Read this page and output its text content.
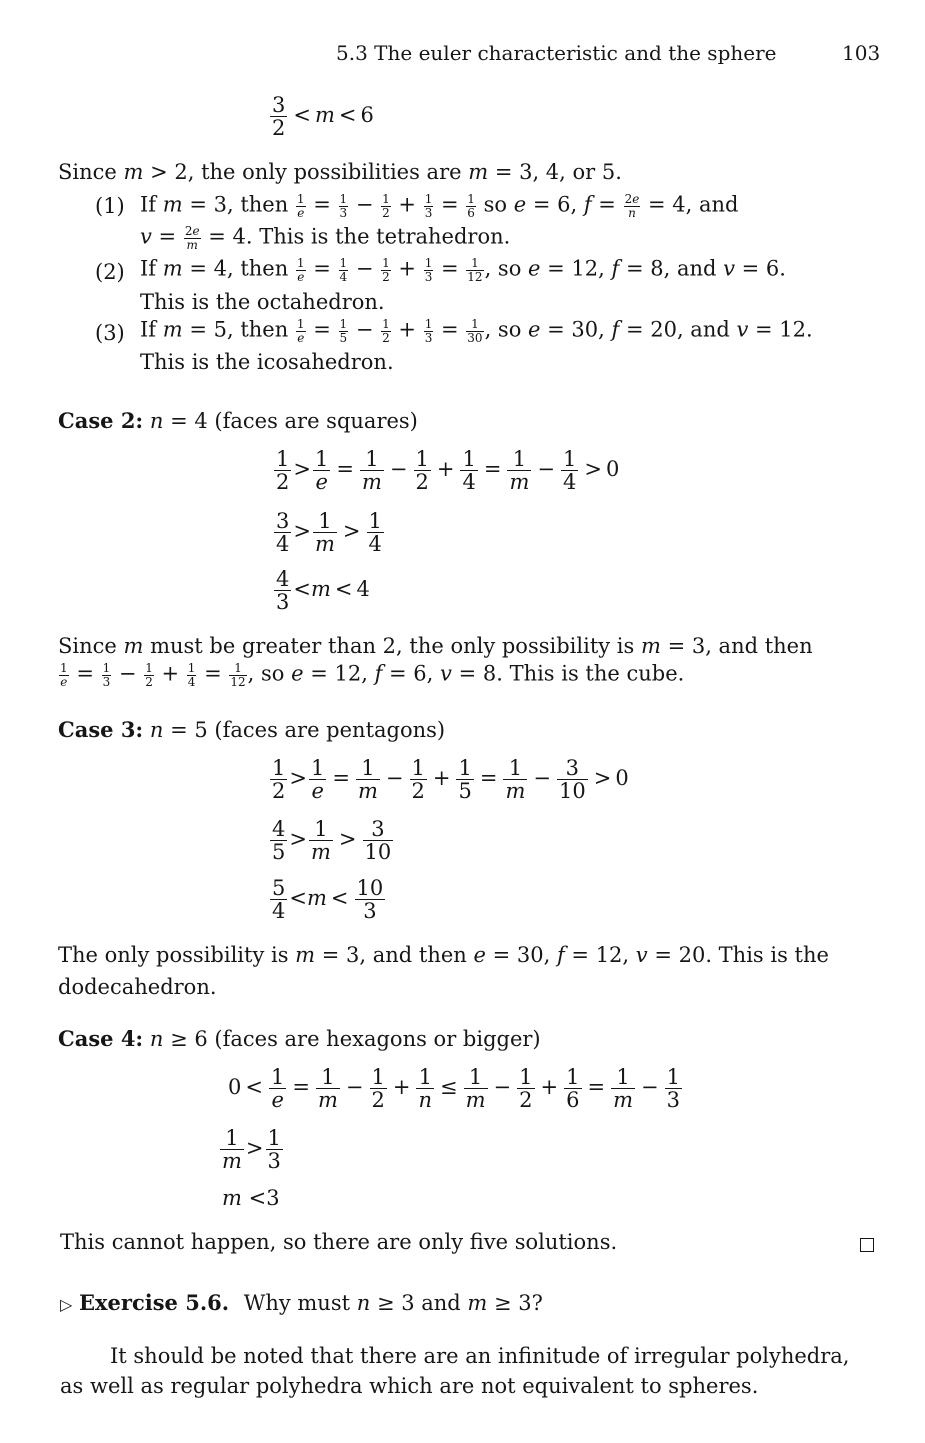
5.3 The euler characteristic and the sphere	103
$\frac{3}{2} < m < 6$
Since m > 2, the only possibilities are m = 3, 4, or 5.
(1) If m = 3, then $\frac{1}{e} = \frac{1}{3} - \frac{1}{2} + \frac{1}{3} = \frac{1}{6}$ so e = 6, $f = \frac{2e}{n} = 4$, and
$v = \frac{2e}{m} = 4$. This is the tetrahedron.
(2) If m = 4, then $\frac{1}{e} = \frac{1}{4} - \frac{1}{2} + \frac{1}{3} = \frac{1}{12}$ , so e = 12, f = 8, and v = 6.
This is the octahedron.
(3) If m = 5, then $\frac{1}{e} = \frac{1}{5} - \frac{1}{2} + \frac{1}{3} = \frac{1}{30}$ , so e = 30, f = 20, and v = 12.
This is the icosahedron.
Case 2: n = 4 (faces are squares)
$\frac{1}{2} > \frac{1}{e} = \frac{1}{m} - \frac{1}{2} + \frac{1}{4} = \frac{1}{m} - \frac{1}{4} > 0$
$\frac{3}{4} > \frac{1}{m} > \frac{1}{4}$
$\frac{4}{3} <m < 4$
Since m must be greater than 2, the only possibility is m = 3, and then
$\frac{1}{e} = \frac{1}{3} - \frac{1}{2} + \frac{1}{4} = \frac{1}{12}$ , so e = 12, f = 6, v = 8. This is the cube.
Case 3: n = 5 (faces are pentagons)
$\frac{1}{2} > \frac{1}{e} = \frac{1}{m} - \frac{1}{2} + \frac{1}{5} = \frac{1}{m} - \frac{3}{10} > 0$
$\frac{4}{5} > \frac{1}{m} > \frac{3}{10}$
$\frac{5}{4} <m < \frac{10}{3}$
The only possibility is m = 3, and then e = 30, f = 12, v = 20. This is the
dodecahedron.
Case 4: n ≥ 6 (faces are hexagons or bigger)
$0 < \frac{1}{e} = \frac{1}{m} - \frac{1}{2} + \frac{1}{n} \le \frac{1}{m} - \frac{1}{2} + \frac{1}{6} = \frac{1}{m} - \frac{1}{3}$
$\frac{1}{m} > \frac{1}{3}$
m <3
This cannot happen, so there are only five solutions.
▷ Exercise 5.6. Why must n ≥ 3 and m ≥ 3?
It should be noted that there are an infinitude of irregular polyhedra,
as well as regular polyhedra which are not equivalent to spheres.
